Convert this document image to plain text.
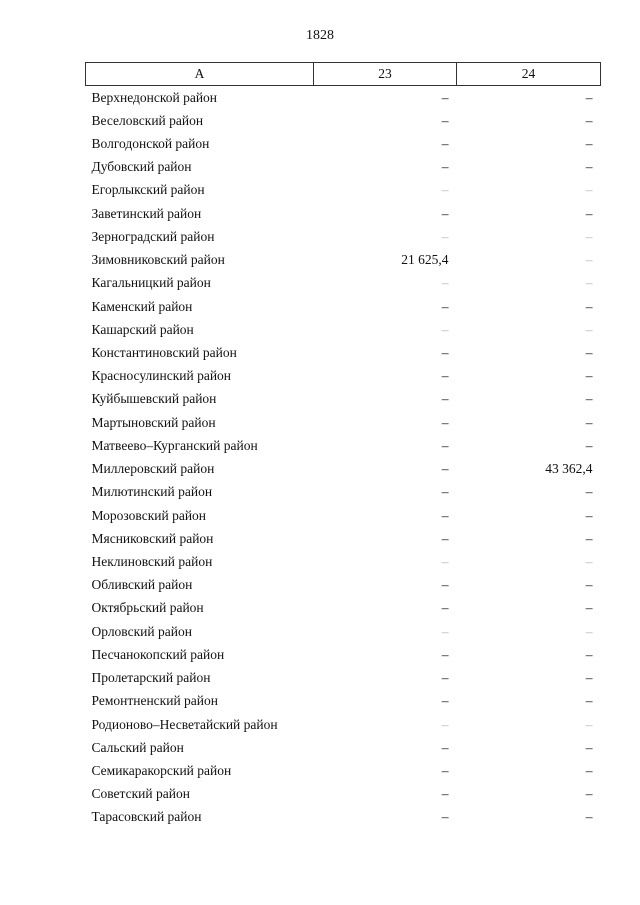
1828
А	23	24
Верхнедонской район	–	–
Веселовский район	–	–
Волгодонской район	–	–
Дубовский район	–	–
Егорлыкский район	–	–
Заветинский район	–	–
Зерноградский район	–	–
Зимовниковский район	21 625,4	–
Кагальницкий район	–	–
Каменский район	–	–
Кашарский район	–	–
Константиновский район	–	–
Красносулинский район	–	–
Куйбышевский район	–	–
Мартыновский район	–	–
Матвеево–Курганский район	–	–
Миллеровский район	–	43 362,4
Милютинский район	–	–
Морозовский район	–	–
Мясниковский район	–	–
Неклиновский район	–	–
Обливский район	–	–
Октябрьский район	–	–
Орловский район	–	–
Песчанокопский район	–	–
Пролетарский район	–	–
Ремонтненский район	–	–
Родионово–Несветайский район	–	–
Сальский район	–	–
Семикаракорский район	–	–
Советский район	–	–
Тарасовский район	–	–
